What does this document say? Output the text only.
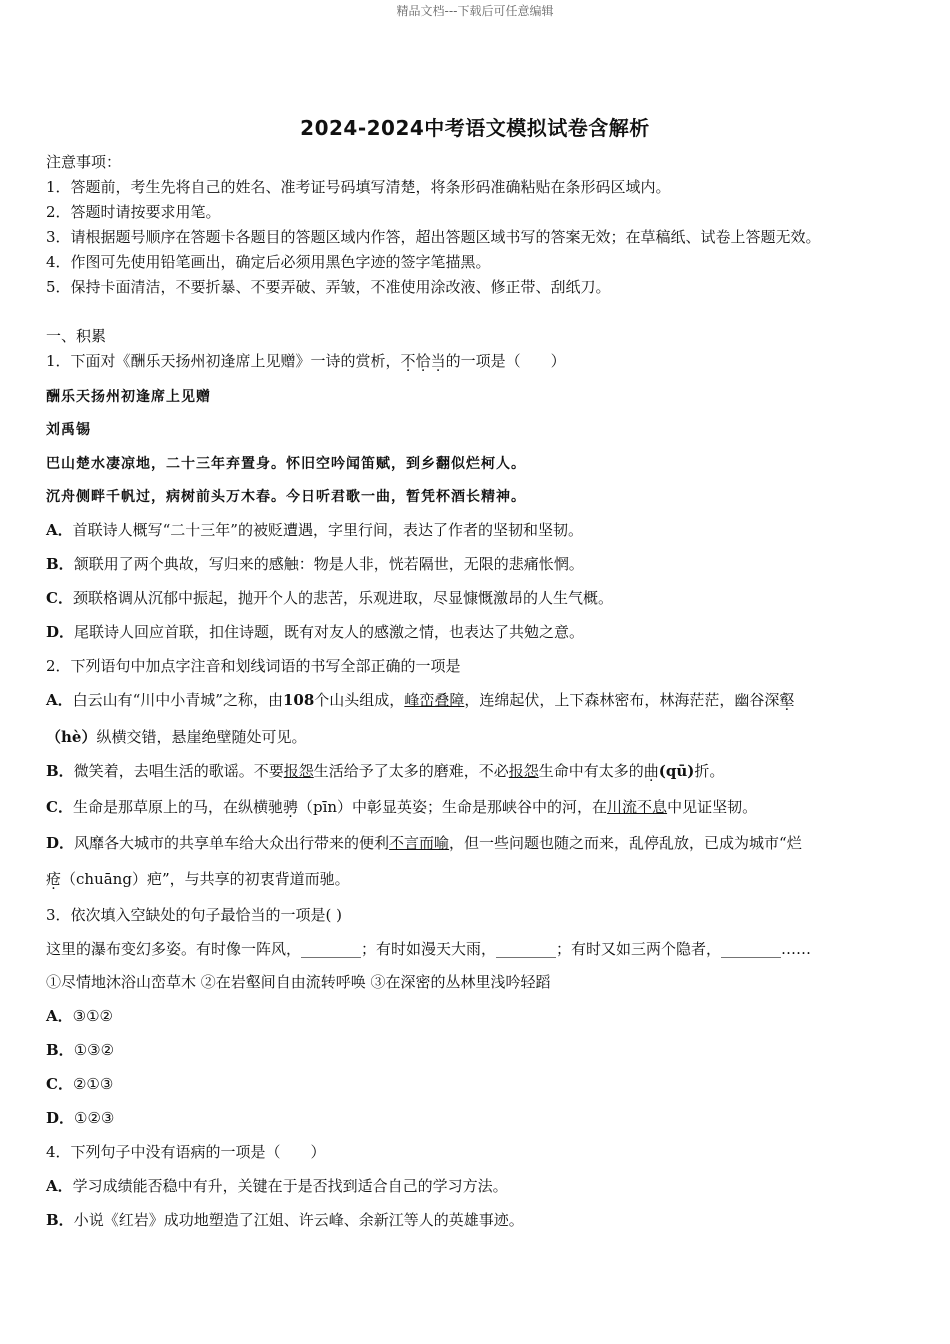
精品文档---下载后可任意编辑
2024-2024中考语文模拟试卷含解析
注意事项：
1．答题前，考生先将自己的姓名、准考证号码填写清楚，将条形码准确粘贴在条形码区域内。
2．答题时请按要求用笔。
3．请根据题号顺序在答题卡各题目的答题区域内作答，超出答题区域书写的答案无效；在草稿纸、试卷上答题无效。
4．作图可先使用铅笔画出，确定后必须用黑色字迹的签字笔描黑。
5．保持卡面清洁，不要折暴、不要弄破、弄皱，不准使用涂改液、修正带、刮纸刀。
一、积累
1．下面对《酬乐天扬州初逢席上见赠》一诗的赏析，不恰当的一项是（　　）
酬乐天扬州初逢席上见赠
刘禹锡
巴山楚水凄凉地，二十三年弃置身。怀旧空吟闻笛赋，到乡翻似烂柯人。
沉舟侧畔千帆过，病树前头万木春。今日听君歌一曲，暂凭杯酒长精神。
A．首联诗人概写“二十三年”的被贬遭遇，字里行间，表达了作者的坚韧和坚韧。
B．颔联用了两个典故，写归来的感触：物是人非，恍若隔世，无限的悲痛怅惘。
C．颈联格调从沉郁中振起，抛开个人的悲苦，乐观进取，尽显慷慨激昂的人生气概。
D．尾联诗人回应首联，扣住诗题，既有对友人的感激之情，也表达了共勉之意。
2．下列语句中加点字注音和划线词语的书写全部正确的一项是
A．白云山有“川中小青城”之称，由108个山头组成，峰峦叠障，连绵起伏，上下森林密布，林海茫茫，幽谷深壑
（hè）纵横交错，悬崖绝壁随处可见。
B．微笑着，去唱生活的歌谣。不要报怨生活给予了太多的磨难，不必报怨生命中有太多的曲(qū)折。
C．生命是那草原上的马，在纵横驰骋（pīn）中彰显英姿；生命是那峡谷中的河，在川流不息中见证坚韧。
D．风靡各大城市的共享单车给大众出行带来的便利不言而喻，但一些问题也随之而来，乱停乱放，已成为城市“烂
疮（chuāng）疤”，与共享的初衷背道而驰。
3．依次填入空缺处的句子最恰当的一项是( )
这里的瀑布变幻多姿。有时像一阵风，________；有时如漫天大雨，________；有时又如三两个隐者，________……
①尽情地沐浴山峦草木 ②在岩壑间自由流转呼唤 ③在深密的丛林里浅吟轻蹈
A．③①②
B．①③②
C．②①③
D．①②③
4．下列句子中没有语病的一项是（　　）
A．学习成绩能否稳中有升，关键在于是否找到适合自己的学习方法。
B．小说《红岩》成功地塑造了江姐、许云峰、余新江等人的英雄事迹。
